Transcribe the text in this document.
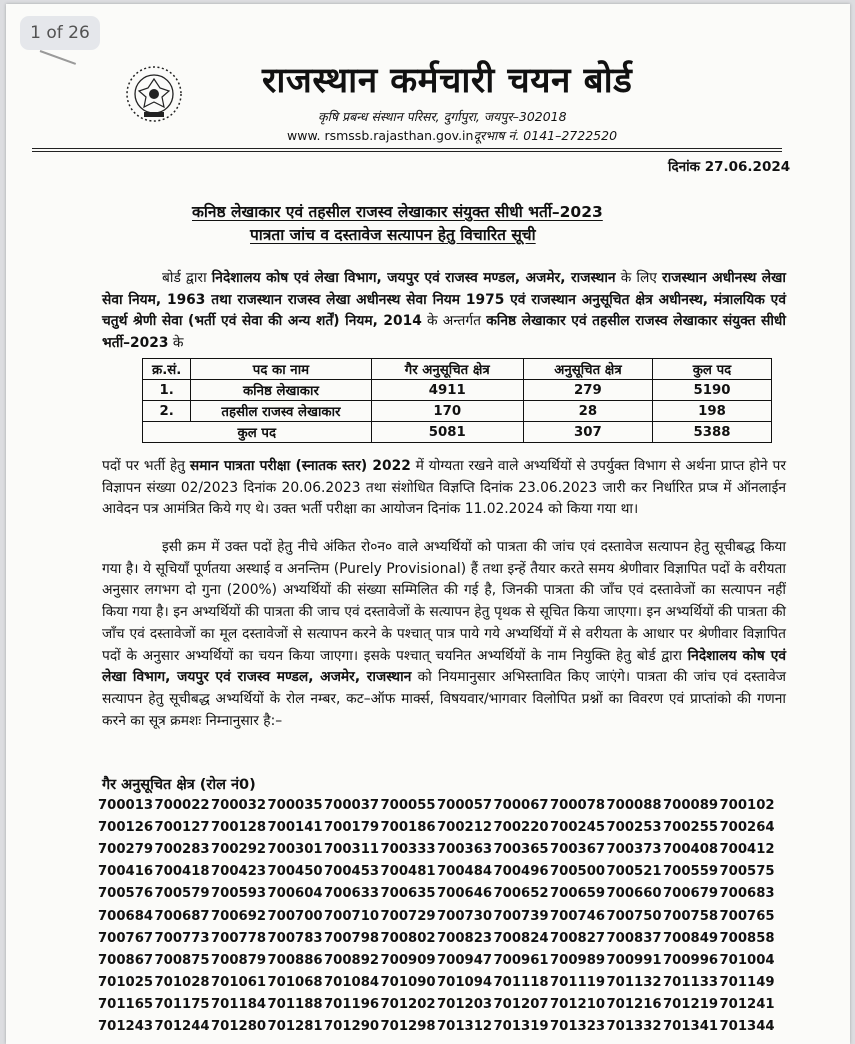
राजस्थान कर्मचारी चयन बोर्ड
कृषि प्रबन्ध संस्थान परिसर, दुर्गापुरा, जयपुर–302018
www. rsmssb.rajasthan.gov.inदूरभाष नं. 0141–2722520
दिनांक 27.06.2024
कनिष्ठ लेखाकार एवं तहसील राजस्व लेखाकार संयुक्त सीधी भर्ती–2023
पात्रता जांच व दस्तावेज सत्यापन हेतु विचारित सूची
बोर्ड द्वारा निदेशालय कोष एवं लेखा विभाग, जयपुर एवं राजस्व मण्डल, अजमेर, राजस्थान के लिए राजस्थान अधीनस्थ लेखा सेवा नियम, 1963 तथा राजस्थान राजस्व लेखा अधीनस्थ सेवा नियम 1975 एवं राजस्थान अनुसूचित क्षेत्र अधीनस्थ, मंत्रालयिक एवं चतुर्थ श्रेणी सेवा (भर्ती एवं सेवा की अन्य शर्तें) नियम, 2014 के अन्तर्गत कनिष्ठ लेखाकार एवं तहसील राजस्व लेखाकार संयुक्त सीधी भर्ती–2023 के
क्र.सं.	पद का नाम	गैर अनुसूचित क्षेत्र	अनुसूचित क्षेत्र	कुल पद
1.	कनिष्ठ लेखाकार	4911	279	5190
2.	तहसील राजस्व लेखाकार	170	28	198
कुल पद		5081	307	5388
पदों पर भर्ती हेतु समान पात्रता परीक्षा (स्नातक स्तर) 2022 में योग्यता रखने वाले अभ्यर्थियों से उपर्युक्त विभाग से अर्थना प्राप्त होने पर विज्ञापन संख्या 02/2023 दिनांक 20.06.2023 तथा संशोधित विज्ञप्ति दिनांक 23.06.2023 जारी कर निर्धारित प्रप्त्र में ऑनलाईन आवेदन पत्र आमंत्रित किये गए थे। उक्त भर्ती परीक्षा का आयोजन दिनांक 11.02.2024 को किया गया था।
इसी क्रम में उक्त पदों हेतु नीचे अंकित रो०न० वाले अभ्यर्थियों को पात्रता की जांच एवं दस्तावेज सत्यापन हेतु सूचीबद्ध किया गया है। ये सूचियाँ पूर्णतया अस्थाई व अनन्तिम (Purely Provisional) हैं तथा इन्हें तैयार करते समय श्रेणीवार विज्ञापित पदों के वरीयता अनुसार लगभग दो गुना (200%) अभ्यर्थियों की संख्या सम्मिलित की गई है, जिनकी पात्रता की जाँच एवं दस्तावेजों का सत्यापन नहीं किया गया है। इन अभ्यर्थियों की पात्रता की जाच एवं दस्तावेजों के सत्यापन हेतु पृथक से सूचित किया जाएगा। इन अभ्यर्थियों की पात्रता की जाँच एवं दस्तावेजों का मूल दस्तावेजों से सत्यापन करने के पश्चात् पात्र पाये गये अभ्यर्थियों में से वरीयता के आधार पर श्रेणीवार विज्ञापित पदों के अनुसार अभ्यर्थियों का चयन किया जाएगा। इसके पश्चात् चयनित अभ्यर्थियों के नाम नियुक्ति हेतु बोर्ड द्वारा निदेशालय कोष एवं लेखा विभाग, जयपुर एवं राजस्व मण्डल, अजमेर, राजस्थान को नियमानुसार अभिस्तावित किए जाएंगे। पात्रता की जांच एवं दस्तावेज सत्यापन हेतु सूचीबद्ध अभ्यर्थियों के रोल नम्बर, कट–ऑफ मार्क्स, विषयवार/भागवार विलोपित प्रश्नों का विवरण एवं प्राप्तांको की गणना करने का सूत्र क्रमशः निम्नानुसार है:–
गैर अनुसूचित क्षेत्र (रोल नं0)
700013	700022	700032	700035	700037	700055	700057	700067	700078	700088	700089	700102
700126	700127	700128	700141	700179	700186	700212	700220	700245	700253	700255	700264
700279	700283	700292	700301	700311	700333	700363	700365	700367	700373	700408	700412
700416	700418	700423	700450	700453	700481	700484	700496	700500	700521	700559	700575
700576	700579	700593	700604	700633	700635	700646	700652	700659	700660	700679	700683
700684	700687	700692	700700	700710	700729	700730	700739	700746	700750	700758	700765
700767	700773	700778	700783	700798	700802	700823	700824	700827	700837	700849	700858
700867	700875	700879	700886	700892	700909	700947	700961	700989	700991	700996	701004
701025	701028	701061	701068	701084	701090	701094	701118	701119	701132	701133	701149
701165	701175	701184	701188	701196	701202	701203	701207	701210	701216	701219	701241
701243	701244	701280	701281	701290	701298	701312	701319	701323	701332	701341	701344
1 of 26
